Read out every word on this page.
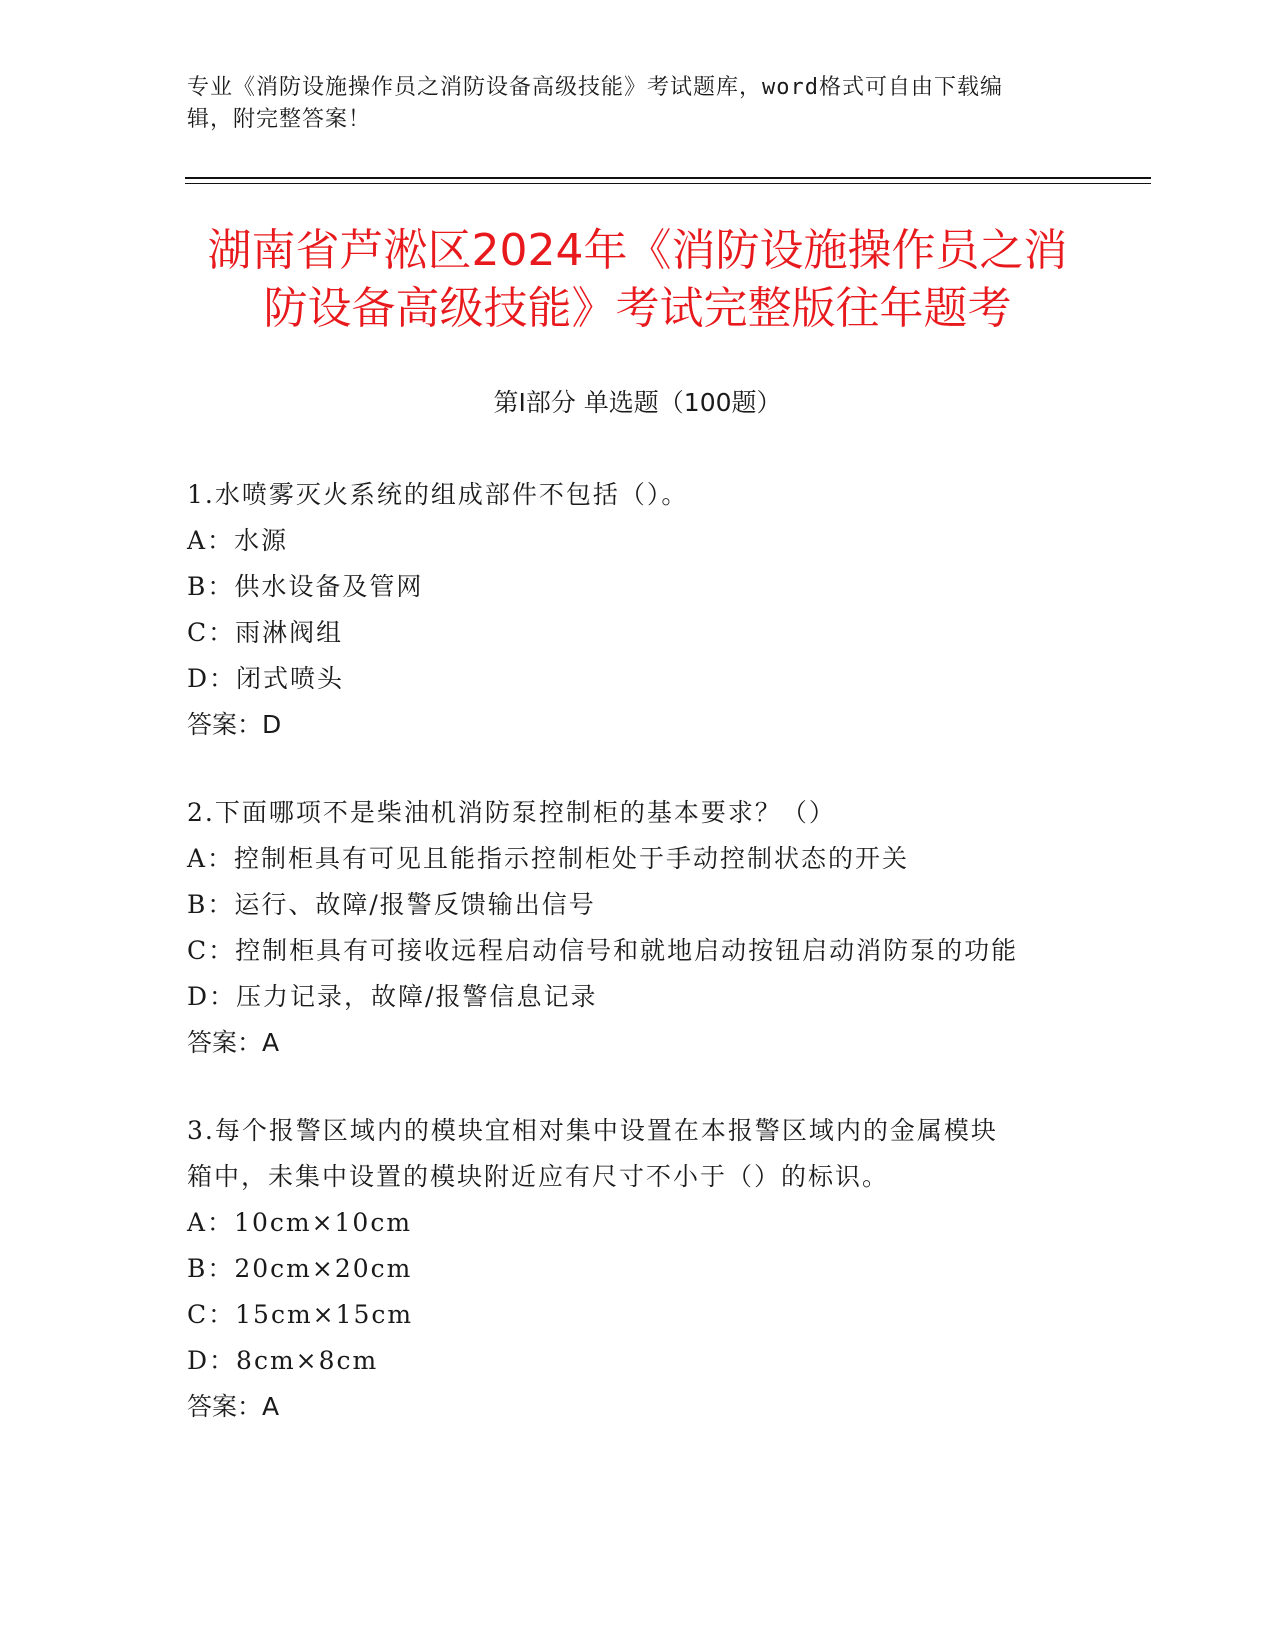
专业《消防设施操作员之消防设备高级技能》考试题库，word格式可自由下载编
辑，附完整答案！
湖南省芦淞区2024年《消防设施操作员之消
防设备高级技能》考试完整版往年题考
第Ⅰ部分 单选题（100题）
1.水喷雾灭火系统的组成部件不包括（）。
A：水源
B：供水设备及管网
C：雨淋阀组
D：闭式喷头
答案：D
2.下面哪项不是柴油机消防泵控制柜的基本要求？（）
A：控制柜具有可见且能指示控制柜处于手动控制状态的开关
B：运行、故障/报警反馈输出信号
C：控制柜具有可接收远程启动信号和就地启动按钮启动消防泵的功能
D：压力记录，故障/报警信息记录
答案：A
3.每个报警区域内的模块宜相对集中设置在本报警区域内的金属模块
箱中，未集中设置的模块附近应有尺寸不小于（）的标识。
A：10cm×10cm
B：20cm×20cm
C：15cm×15cm
D：8cm×8cm
答案：A
